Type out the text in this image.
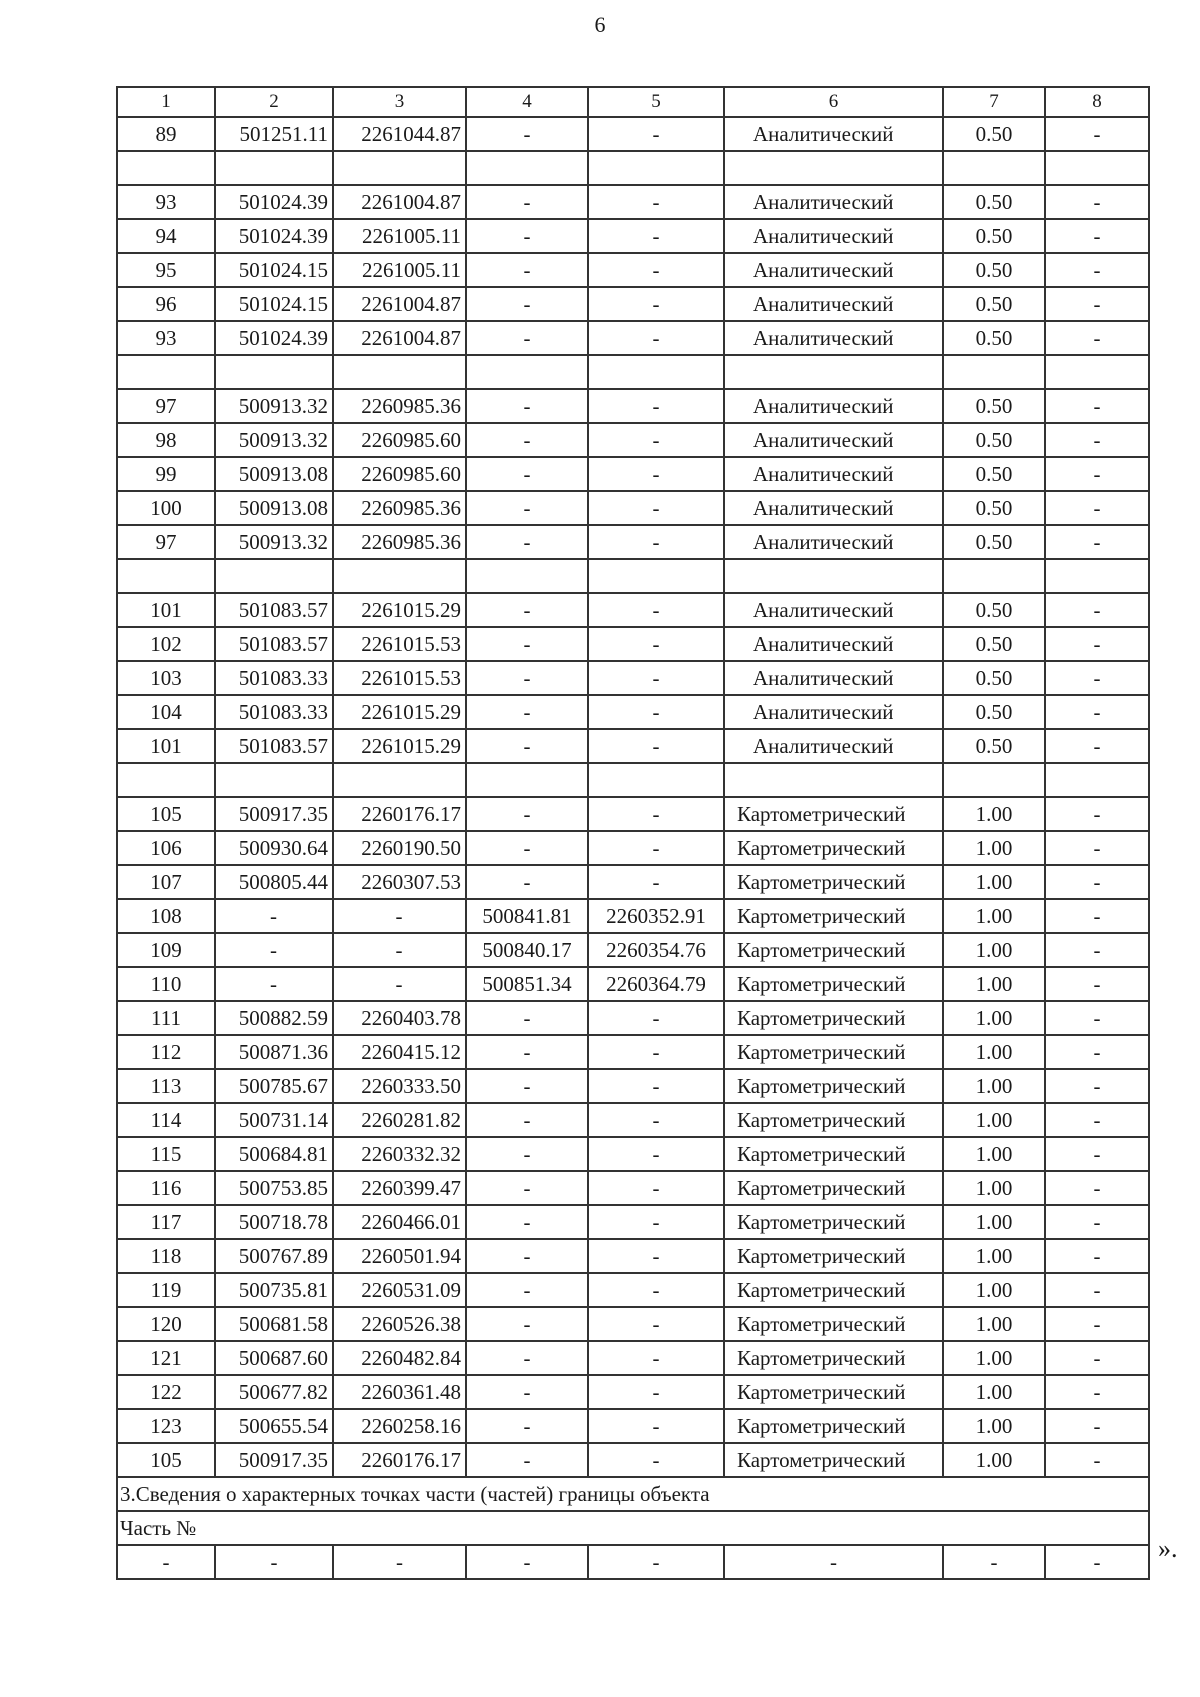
6
1	2	3	4	5	6	7	8
89	501251.11	2261044.87	-	-	Аналитический	0.50	-

93	501024.39	2261004.87	-	-	Аналитический	0.50	-
94	501024.39	2261005.11	-	-	Аналитический	0.50	-
95	501024.15	2261005.11	-	-	Аналитический	0.50	-
96	501024.15	2261004.87	-	-	Аналитический	0.50	-
93	501024.39	2261004.87	-	-	Аналитический	0.50	-

97	500913.32	2260985.36	-	-	Аналитический	0.50	-
98	500913.32	2260985.60	-	-	Аналитический	0.50	-
99	500913.08	2260985.60	-	-	Аналитический	0.50	-
100	500913.08	2260985.36	-	-	Аналитический	0.50	-
97	500913.32	2260985.36	-	-	Аналитический	0.50	-

101	501083.57	2261015.29	-	-	Аналитический	0.50	-
102	501083.57	2261015.53	-	-	Аналитический	0.50	-
103	501083.33	2261015.53	-	-	Аналитический	0.50	-
104	501083.33	2261015.29	-	-	Аналитический	0.50	-
101	501083.57	2261015.29	-	-	Аналитический	0.50	-

105	500917.35	2260176.17	-	-	Картометрический	1.00	-
106	500930.64	2260190.50	-	-	Картометрический	1.00	-
107	500805.44	2260307.53	-	-	Картометрический	1.00	-
108	-	-	500841.81	2260352.91	Картометрический	1.00	-
109	-	-	500840.17	2260354.76	Картометрический	1.00	-
110	-	-	500851.34	2260364.79	Картометрический	1.00	-
111	500882.59	2260403.78	-	-	Картометрический	1.00	-
112	500871.36	2260415.12	-	-	Картометрический	1.00	-
113	500785.67	2260333.50	-	-	Картометрический	1.00	-
114	500731.14	2260281.82	-	-	Картометрический	1.00	-
115	500684.81	2260332.32	-	-	Картометрический	1.00	-
116	500753.85	2260399.47	-	-	Картометрический	1.00	-
117	500718.78	2260466.01	-	-	Картометрический	1.00	-
118	500767.89	2260501.94	-	-	Картометрический	1.00	-
119	500735.81	2260531.09	-	-	Картометрический	1.00	-
120	500681.58	2260526.38	-	-	Картометрический	1.00	-
121	500687.60	2260482.84	-	-	Картометрический	1.00	-
122	500677.82	2260361.48	-	-	Картометрический	1.00	-
123	500655.54	2260258.16	-	-	Картометрический	1.00	-
105	500917.35	2260176.17	-	-	Картометрический	1.00	-
3.Сведения о характерных точках части (частей) границы объекта							
Часть №							
-	-	-	-	-	-	-	- ».
